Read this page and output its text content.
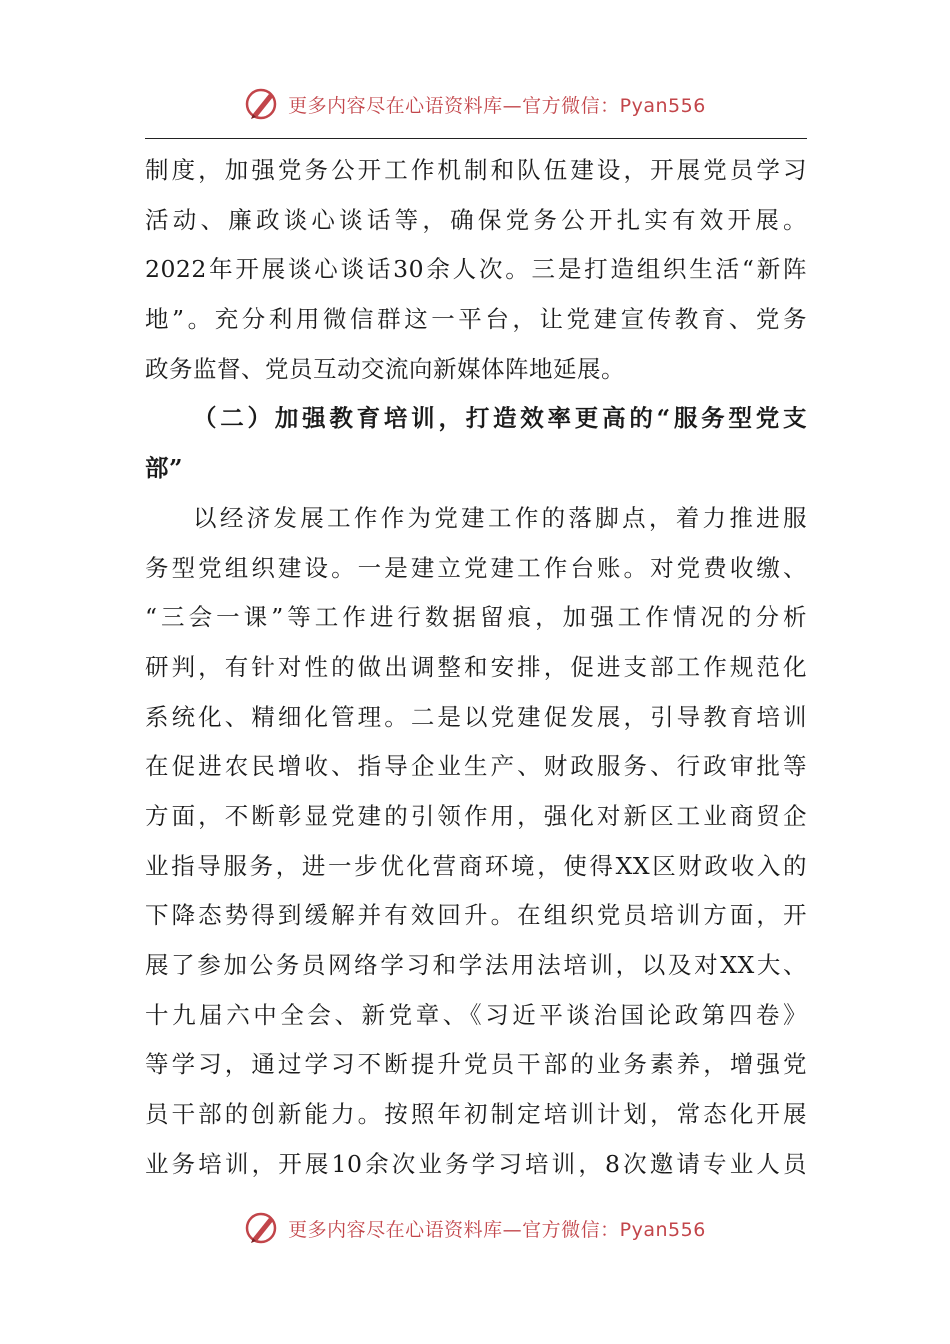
更多内容尽在心语资料库—官方微信：Pyan556
制度，加强党务公开工作机制和队伍建设，开展党员学习
活动、廉政谈心谈话等，确保党务公开扎实有效开展。
2022年开展谈心谈话30余人次。三是打造组织生活“新阵
地”。充分利用微信群这一平台，让党建宣传教育、党务
政务监督、党员互动交流向新媒体阵地延展。
（二）加强教育培训，打造效率更高的“服务型党支
部”
以经济发展工作作为党建工作的落脚点，着力推进服
务型党组织建设。一是建立党建工作台账。对党费收缴、
“三会一课”等工作进行数据留痕，加强工作情况的分析
研判，有针对性的做出调整和安排，促进支部工作规范化
系统化、精细化管理。二是以党建促发展，引导教育培训
在促进农民增收、指导企业生产、财政服务、行政审批等
方面，不断彰显党建的引领作用，强化对新区工业商贸企
业指导服务，进一步优化营商环境，使得XX区财政收入的
下降态势得到缓解并有效回升。在组织党员培训方面，开
展了参加公务员网络学习和学法用法培训，以及对XX大、
十九届六中全会、新党章、《习近平谈治国论政第四卷》
等学习，通过学习不断提升党员干部的业务素养，增强党
员干部的创新能力。按照年初制定培训计划，常态化开展
业务培训，开展10余次业务学习培训，8次邀请专业人员
更多内容尽在心语资料库—官方微信：Pyan556
